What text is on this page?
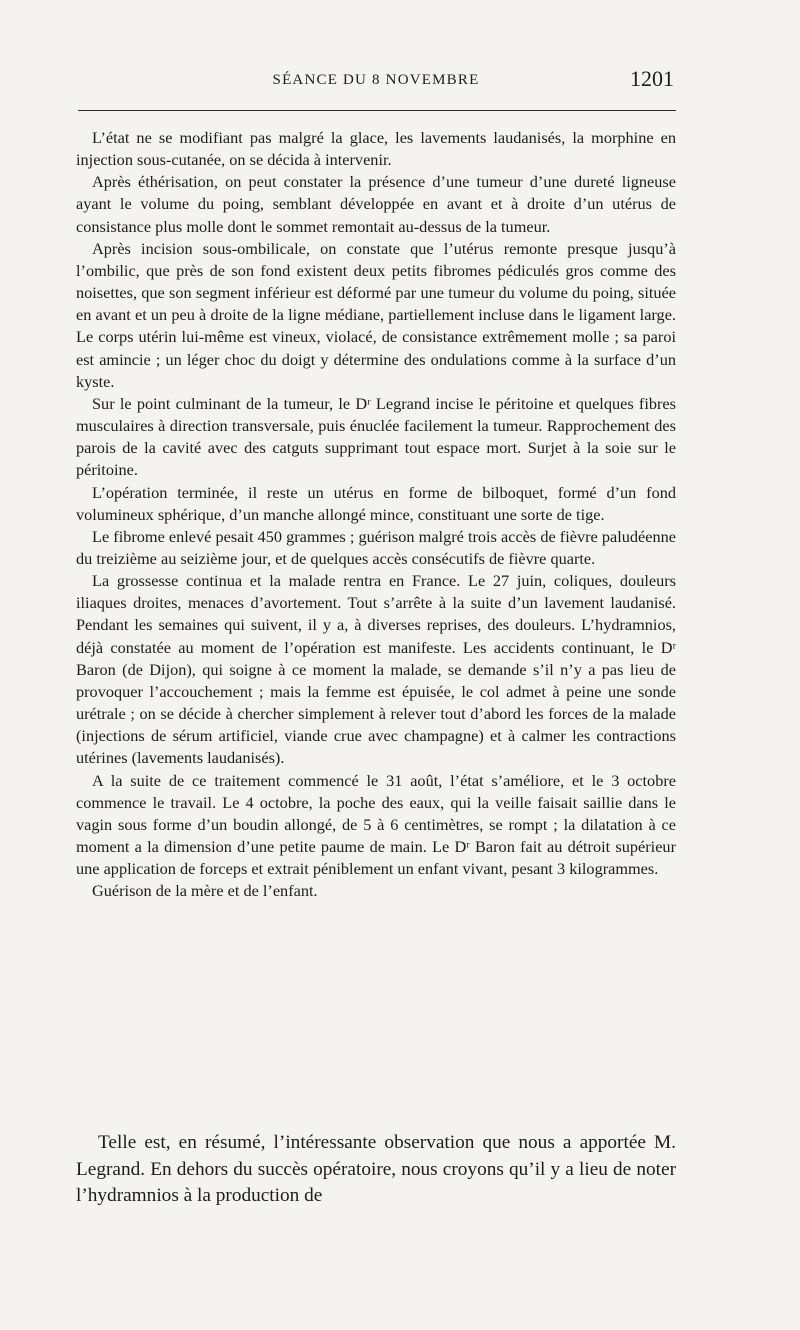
SÉANCE DU 8 NOVEMBRE	1201

L’état ne se modifiant pas malgré la glace, les lavements laudanisés, la morphine en injection sous-cutanée, on se décida à intervenir.

Après éthérisation, on peut constater la présence d’une tumeur d’une dureté ligneuse ayant le volume du poing, semblant développée en avant et à droite d’un utérus de consistance plus molle dont le sommet remontait au-dessus de la tumeur.

Après incision sous-ombilicale, on constate que l’utérus remonte presque jusqu’à l’ombilic, que près de son fond existent deux petits fibromes pédiculés gros comme des noisettes, que son segment inférieur est déformé par une tumeur du volume du poing, située en avant et un peu à droite de la ligne médiane, partiellement incluse dans le ligament large. Le corps utérin lui-même est vineux, violacé, de consistance extrêmement molle ; sa paroi est amincie ; un léger choc du doigt y détermine des ondulations comme à la surface d’un kyste.

Sur le point culminant de la tumeur, le Dʳ Legrand incise le péritoine et quelques fibres musculaires à direction transversale, puis énuclée facilement la tumeur. Rapprochement des parois de la cavité avec des catguts supprimant tout espace mort. Surjet à la soie sur le péritoine.

L’opération terminée, il reste un utérus en forme de bilboquet, formé d’un fond volumineux sphérique, d’un manche allongé mince, constituant une sorte de tige.

Le fibrome enlevé pesait 450 grammes ; guérison malgré trois accès de fièvre paludéenne du treizième au seizième jour, et de quelques accès consécutifs de fièvre quarte.

La grossesse continua et la malade rentra en France. Le 27 juin, coliques, douleurs iliaques droites, menaces d’avortement. Tout s’arrête à la suite d’un lavement laudanisé. Pendant les semaines qui suivent, il y a, à diverses reprises, des douleurs. L’hydramnios, déjà constatée au moment de l’opération est manifeste. Les accidents continuant, le Dʳ Baron (de Dijon), qui soigne à ce moment la malade, se demande s’il n’y a pas lieu de provoquer l’accouchement ; mais la femme est épuisée, le col admet à peine une sonde urétrale ; on se décide à chercher simplement à relever tout d’abord les forces de la malade (injections de sérum artificiel, viande crue avec champagne) et à calmer les contractions utérines (lavements laudanisés).

A la suite de ce traitement commencé le 31 août, l’état s’améliore, et le 3 octobre commence le travail. Le 4 octobre, la poche des eaux, qui la veille faisait saillie dans le vagin sous forme d’un boudin allongé, de 5 à 6 centimètres, se rompt ; la dilatation à ce moment a la dimension d’une petite paume de main. Le Dʳ Baron fait au détroit supérieur une application de forceps et extrait péniblement un enfant vivant, pesant 3 kilogrammes.

Guérison de la mère et de l’enfant.

Telle est, en résumé, l’intéressante observation que nous a apportée M. Legrand. En dehors du succès opératoire, nous croyons qu’il y a lieu de noter l’hydramnios à la production de
